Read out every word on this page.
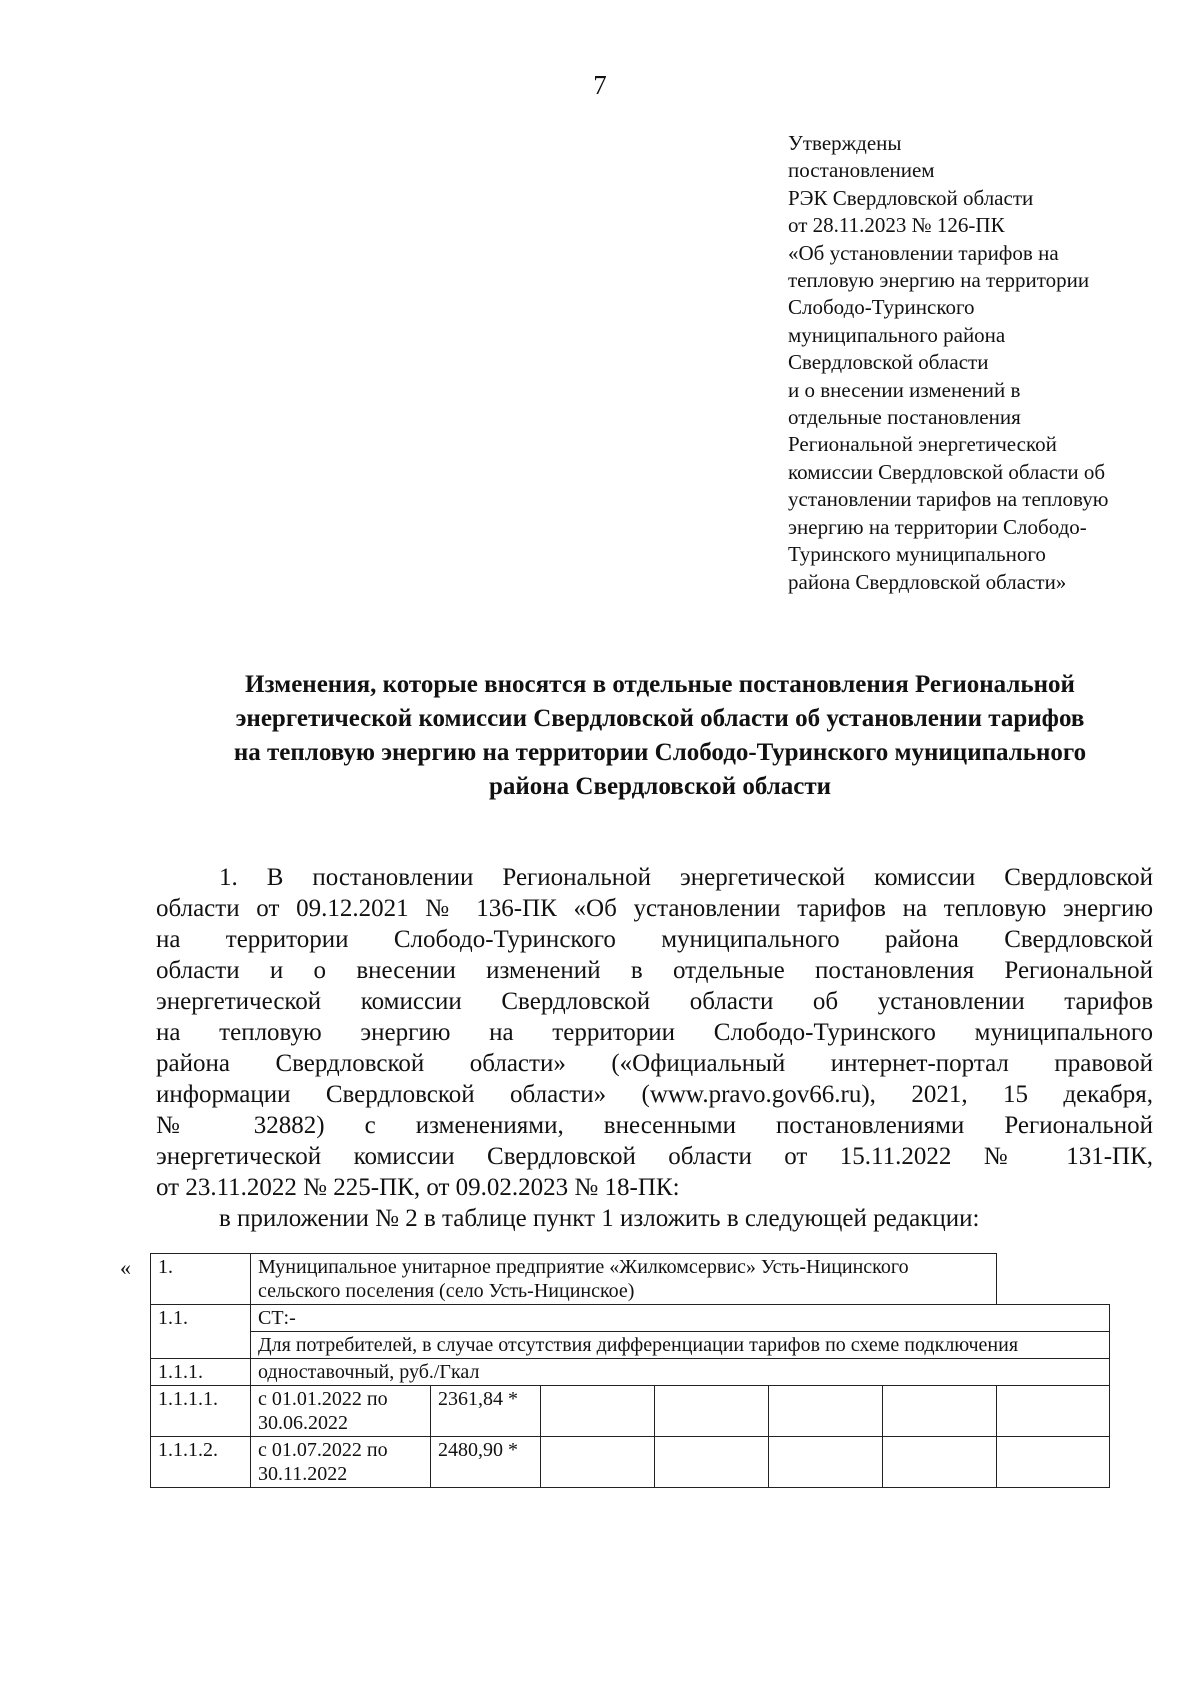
7
Утверждены
постановлением
РЭК Свердловской области
от 28.11.2023 № 126-ПК
«Об установлении тарифов на
тепловую энергию на территории
Слободо-Туринского
муниципального района
Свердловской области
и о внесении изменений в
отдельные постановления
Региональной энергетической
комиссии Свердловской области об
установлении тарифов на тепловую
энергию на территории Слободо-
Туринского муниципального
района Свердловской области»
Изменения, которые вносятся в отдельные постановления Региональной
энергетической комиссии Свердловской области об установлении тарифов
на тепловую энергию на территории Слободо-Туринского муниципального
района Свердловской области
1. В постановлении Региональной энергетической комиссии Свердловской
области от 09.12.2021 № 136-ПК «Об установлении тарифов на тепловую энергию
на территории Слободо-Туринского муниципального района Свердловской
области и о внесении изменений в отдельные постановления Региональной
энергетической комиссии Свердловской области об установлении тарифов
на тепловую энергию на территории Слободо-Туринского муниципального
района Свердловской области» («Официальный интернет-портал правовой
информации Свердловской области» (www.pravo.gov66.ru), 2021, 15 декабря,
№ 32882) с изменениями, внесенными постановлениями Региональной
энергетической комиссии Свердловской области от 15.11.2022 № 131-ПК,
от 23.11.2022 № 225-ПК, от 09.02.2023 № 18-ПК:
в приложении № 2 в таблице пункт 1 изложить в следующей редакции:
« 1.	Муниципальное унитарное предприятие «Жилкомсервис» Усть-Ницинского сельского поселения (село Усть-Ницинское)						
1.1.	СТ:-						
	Для потребителей, в случае отсутствия дифференциации тарифов по схеме подключения						
1.1.1.	одноставочный, руб./Гкал						
1.1.1.1.	с 01.01.2022 по 30.06.2022	2361,84 *					
1.1.1.2.	с 01.07.2022 по 30.11.2022	2480,90 *					
